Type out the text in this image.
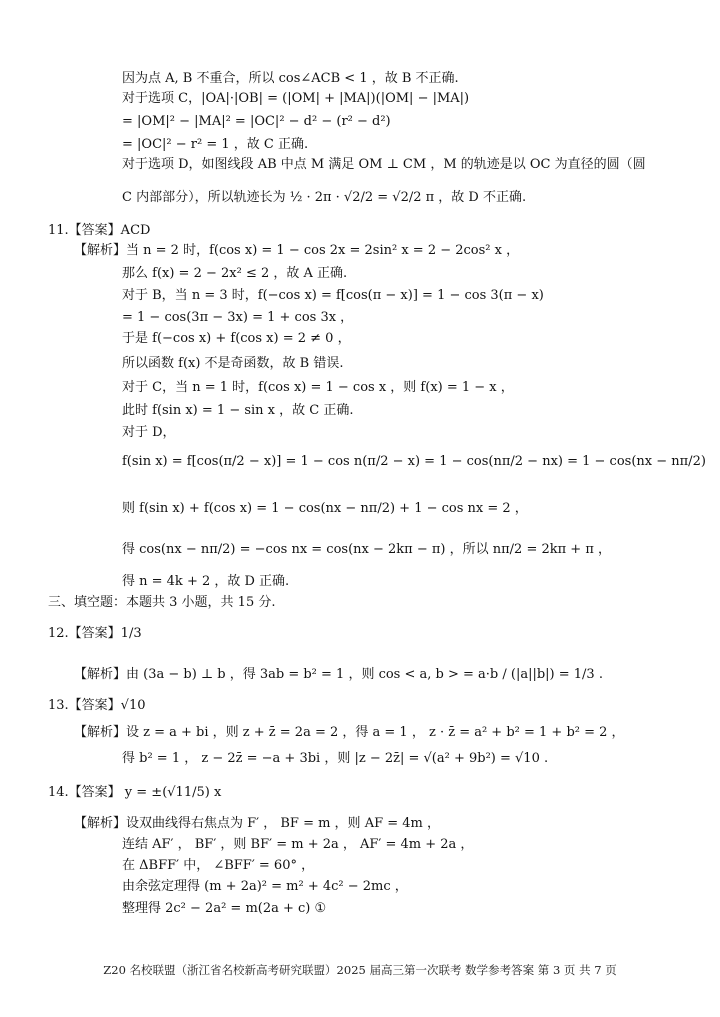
因为点 A, B 不重合，所以 cos∠ACB < 1 ，故 B 不正确.
对于选项 C，|OA|·|OB| = (|OM| + |MA|)(|OM| − |MA|)
= |OM|² − |MA|² = |OC|² − d² − (r² − d²)
= |OC|² − r² = 1 ，故 C 正确.
对于选项 D，如图线段 AB 中点 M 满足 OM ⊥ CM ，M 的轨迹是以 OC 为直径的圆（圆
C 内部部分），所以轨迹长为 ½ · 2π · √2/2 = √2/2 π ，故 D 不正确.
11.【答案】ACD
【解析】当 n = 2 时，f(cos x) = 1 − cos 2x = 2sin² x = 2 − 2cos² x ，
那么 f(x) = 2 − 2x² ≤ 2 ，故 A 正确.
对于 B，当 n = 3 时，f(−cos x) = f[cos(π − x)] = 1 − cos 3(π − x)
= 1 − cos(3π − 3x) = 1 + cos 3x ，
于是 f(−cos x) + f(cos x) = 2 ≠ 0 ，
所以函数 f(x) 不是奇函数，故 B 错误.
对于 C，当 n = 1 时，f(cos x) = 1 − cos x ，则 f(x) = 1 − x ，
此时 f(sin x) = 1 − sin x ，故 C 正确.
对于 D，
f(sin x) = f[cos(π/2 − x)] = 1 − cos n(π/2 − x) = 1 − cos(nπ/2 − nx) = 1 − cos(nx − nπ/2)
则 f(sin x) + f(cos x) = 1 − cos(nx − nπ/2) + 1 − cos nx = 2 ，
得 cos(nx − nπ/2) = −cos nx = cos(nx − 2kπ − π) ，所以 nπ/2 = 2kπ + π ，
得 n = 4k + 2 ，故 D 正确.
三、填空题：本题共 3 小题，共 15 分.
12.【答案】1/3
【解析】由 (3a − b) ⊥ b ，得 3ab = b² = 1 ，则 cos < a, b > = a·b / (|a||b|) = 1/3 .
13.【答案】√10
【解析】设 z = a + bi ，则 z + z̄ = 2a = 2 ，得 a = 1 ， z · z̄ = a² + b² = 1 + b² = 2 ，
得 b² = 1 ， z − 2z̄ = −a + 3bi ，则 |z − 2z̄| = √(a² + 9b²) = √10 .
14.【答案】 y = ±(√11/5) x
【解析】设双曲线得右焦点为 F′ ， BF = m ，则 AF = 4m ，
连结 AF′ ， BF′ ，则 BF′ = m + 2a ， AF′ = 4m + 2a ，
在 ΔBFF′ 中， ∠BFF′ = 60° ，
由余弦定理得 (m + 2a)² = m² + 4c² − 2mc ，
整理得 2c² − 2a² = m(2a + c) ①
Z20 名校联盟（浙江省名校新高考研究联盟）2025 届高三第一次联考 数学参考答案 第 3 页 共 7 页
